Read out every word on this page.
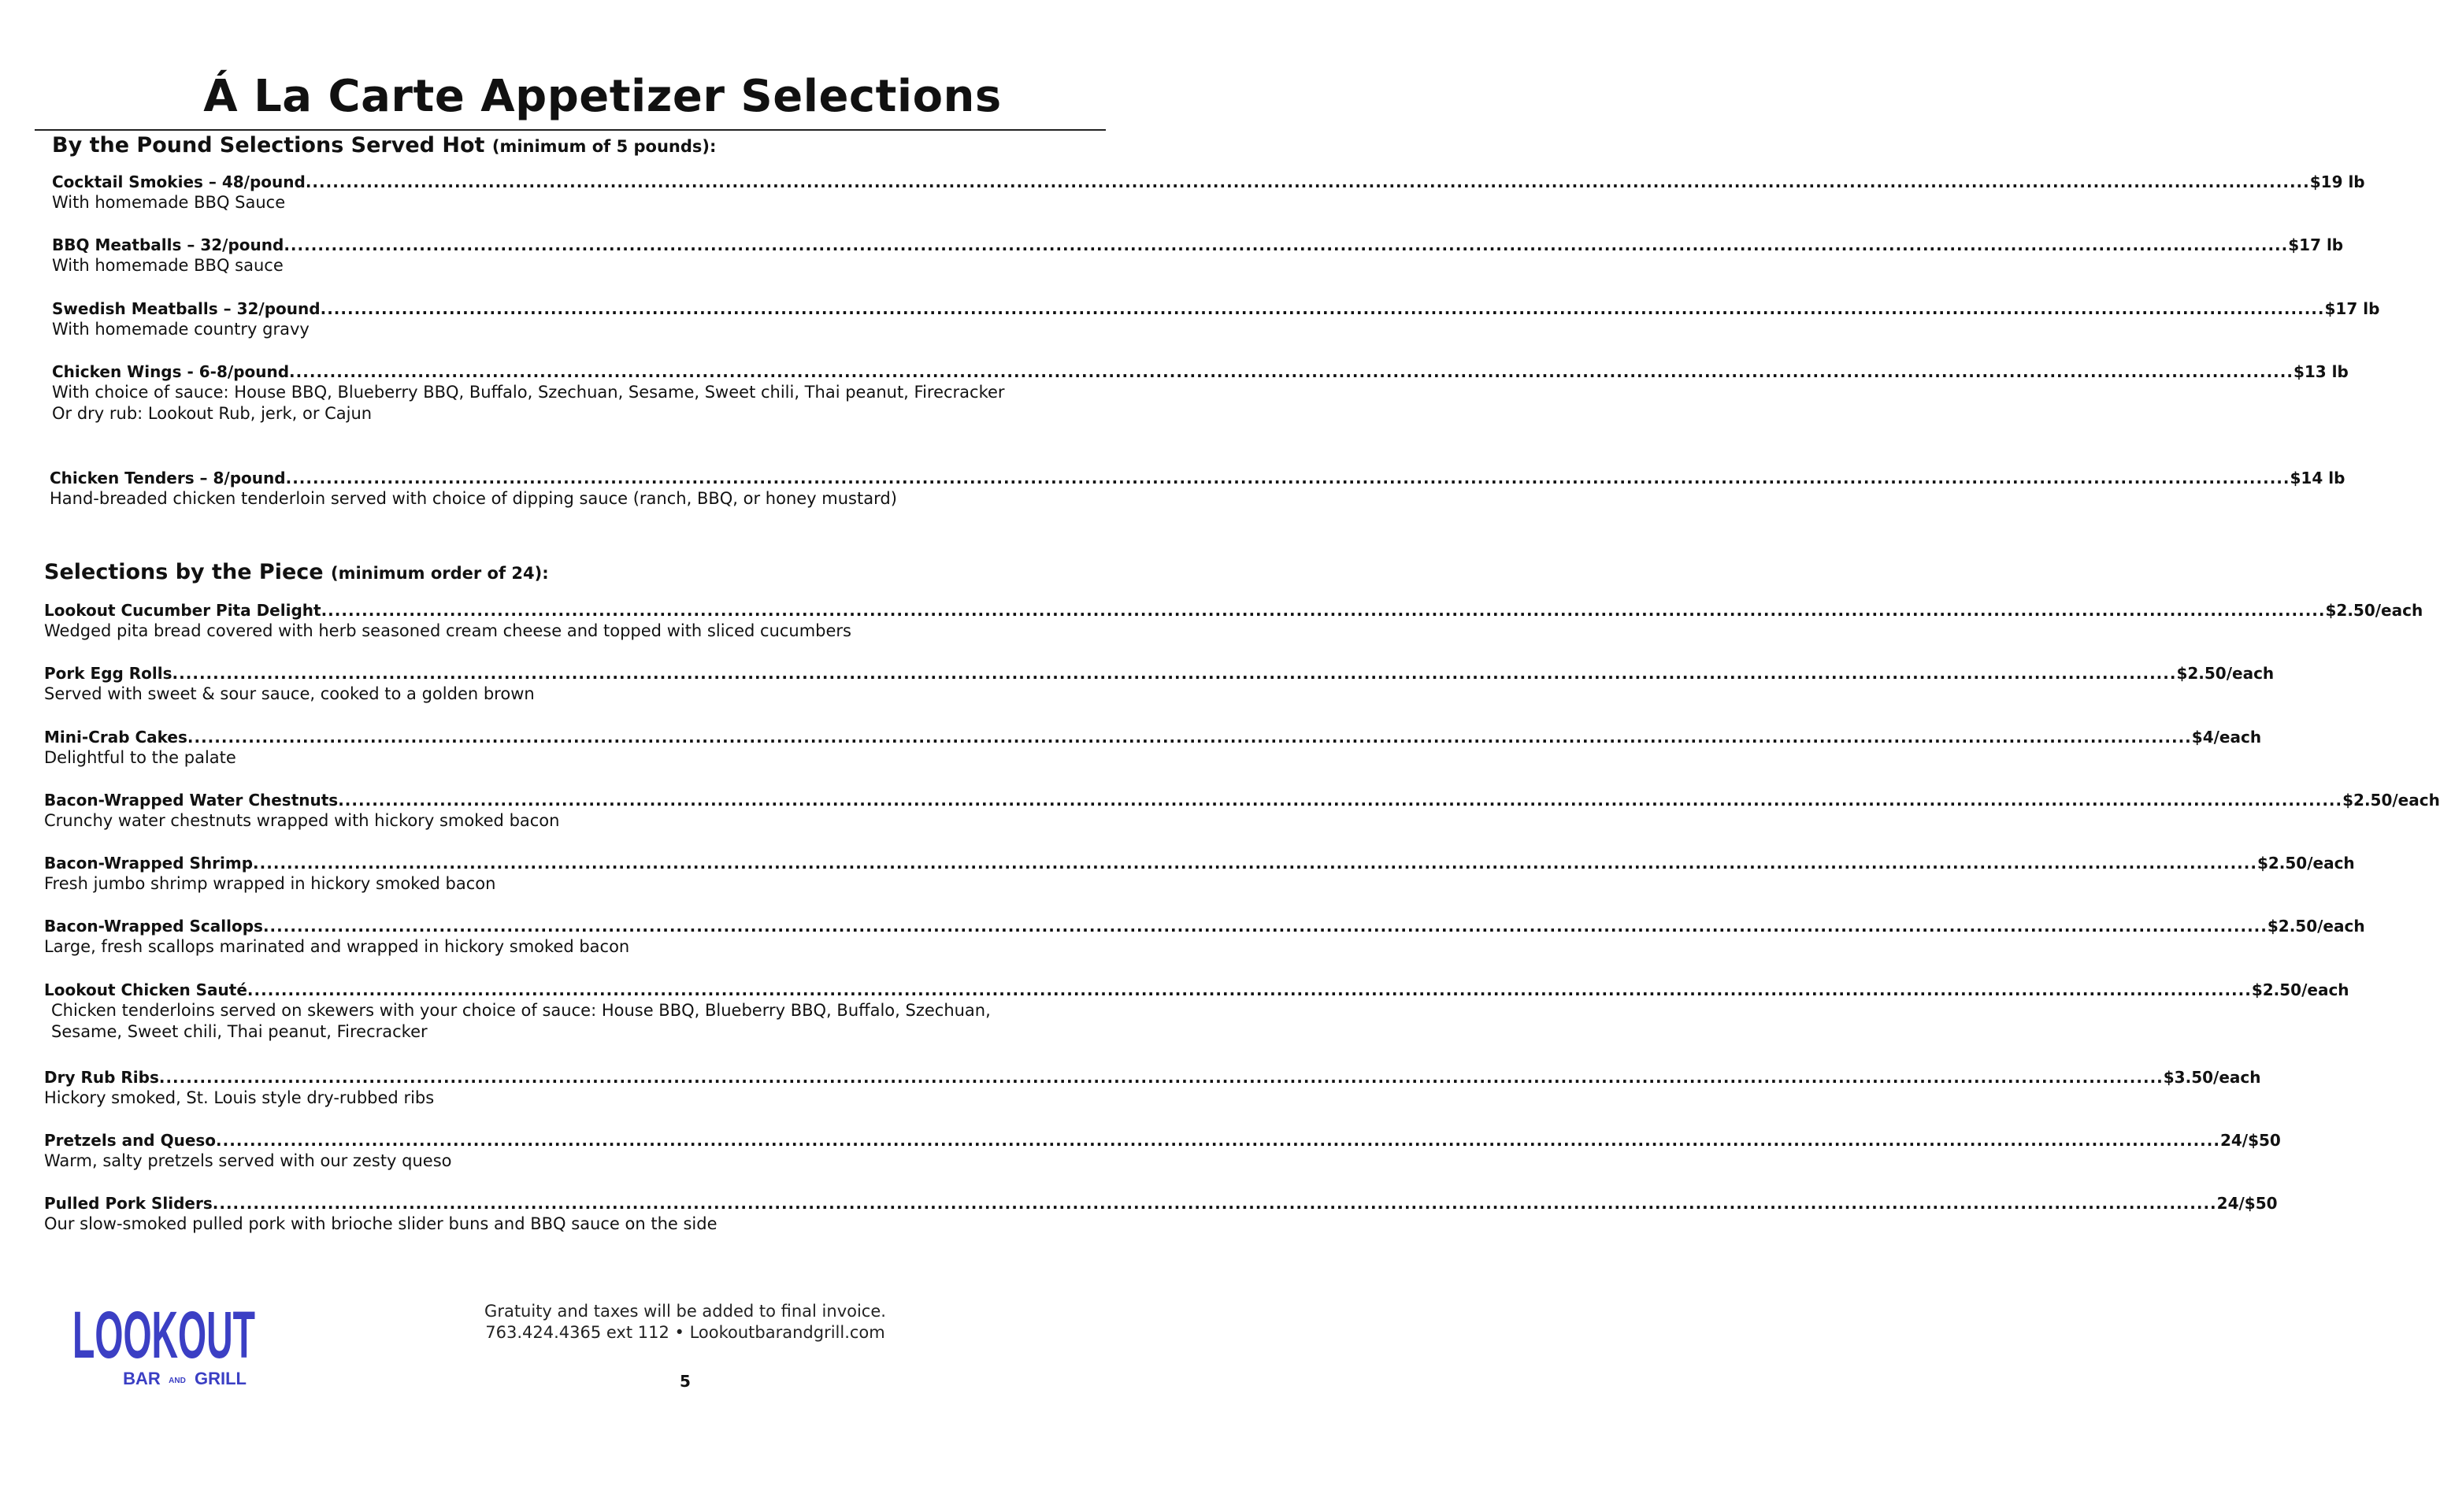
Á La Carte Appetizer Selections
By the Pound Selections Served Hot (minimum of 5 pounds):
Cocktail Smokies – 48/pound .....	$19 lb
With homemade BBQ Sauce
BBQ Meatballs – 32/pound .....	$17 lb
With homemade BBQ sauce
Swedish Meatballs – 32/pound .....	$17 lb
With homemade country gravy
Chicken Wings - 6-8/pound .....	$13 lb
With choice of sauce: House BBQ, Blueberry BBQ, Buffalo, Szechuan, Sesame, Sweet chili, Thai peanut, Firecracker
Or dry rub: Lookout Rub, jerk, or Cajun
Chicken Tenders – 8/pound .....	$14 lb
Hand-breaded chicken tenderloin served with choice of dipping sauce (ranch, BBQ, or honey mustard)
Selections by the Piece (minimum order of 24):
Lookout Cucumber Pita Delight .....	$2.50/each
Wedged pita bread covered with herb seasoned cream cheese and topped with sliced cucumbers
Pork Egg Rolls .....	$2.50/each
Served with sweet & sour sauce, cooked to a golden brown
Mini-Crab Cakes .....	$4/each
Delightful to the palate
Bacon-Wrapped Water Chestnuts .....	$2.50/each
Crunchy water chestnuts wrapped with hickory smoked bacon
Bacon-Wrapped Shrimp .....	$2.50/each
Fresh jumbo shrimp wrapped in hickory smoked bacon
Bacon-Wrapped Scallops .....	$2.50/each
Large, fresh scallops marinated and wrapped in hickory smoked bacon
Lookout Chicken Sauté .....	$2.50/each
Chicken tenderloins served on skewers with your choice of sauce: House BBQ, Blueberry BBQ, Buffalo, Szechuan,
Sesame, Sweet chili, Thai peanut, Firecracker
Dry Rub Ribs .....	$3.50/each
Hickory smoked, St. Louis style dry-rubbed ribs
Pretzels and Queso .....	24/$50
Warm, salty pretzels served with our zesty queso
Pulled Pork Sliders .....	24/$50
Our slow-smoked pulled pork with brioche slider buns and BBQ sauce on the side
LOOKOUT
BAR AND GRILL
Gratuity and taxes will be added to final invoice.
763.424.4365 ext 112 • Lookoutbarandgrill.com
5
